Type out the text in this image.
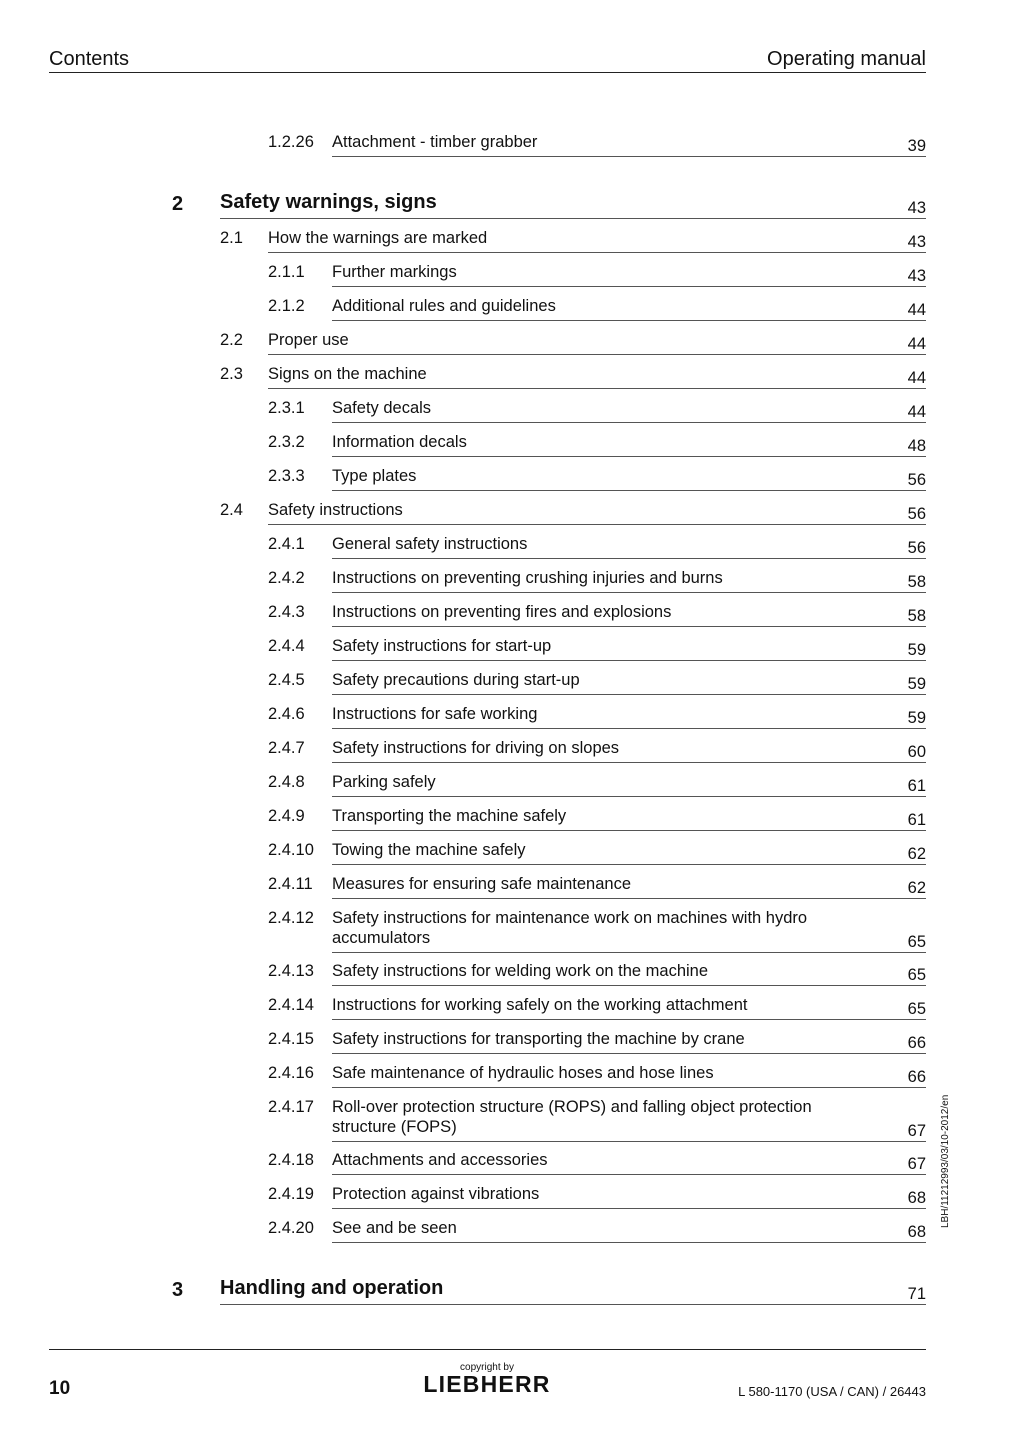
Contents	Operating manual
1.2.26 Attachment - timber grabber	39
2 Safety warnings, signs	43
2.1 How the warnings are marked	43
2.1.1 Further markings	43
2.1.2 Additional rules and guidelines	44
2.2 Proper use	44
2.3 Signs on the machine	44
2.3.1 Safety decals	44
2.3.2 Information decals	48
2.3.3 Type plates	56
2.4 Safety instructions	56
2.4.1 General safety instructions	56
2.4.2 Instructions on preventing crushing injuries and burns	58
2.4.3 Instructions on preventing fires and explosions	58
2.4.4 Safety instructions for start-up	59
2.4.5 Safety precautions during start-up	59
2.4.6 Instructions for safe working	59
2.4.7 Safety instructions for driving on slopes	60
2.4.8 Parking safely	61
2.4.9 Transporting the machine safely	61
2.4.10 Towing the machine safely	62
2.4.11 Measures for ensuring safe maintenance	62
2.4.12 Safety instructions for maintenance work on machines with hydro accumulators	65
2.4.13 Safety instructions for welding work on the machine	65
2.4.14 Instructions for working safely on the working attachment	65
2.4.15 Safety instructions for transporting the machine by crane	66
2.4.16 Safe maintenance of hydraulic hoses and hose lines	66
2.4.17 Roll-over protection structure (ROPS) and falling object protection structure (FOPS)	67
2.4.18 Attachments and accessories	67
2.4.19 Protection against vibrations	68
2.4.20 See and be seen	68
3 Handling and operation	71
10
copyright by
LIEBHERR	L 580-1170 (USA / CAN) / 26443
LBH/11212993/03/10-2012/en
